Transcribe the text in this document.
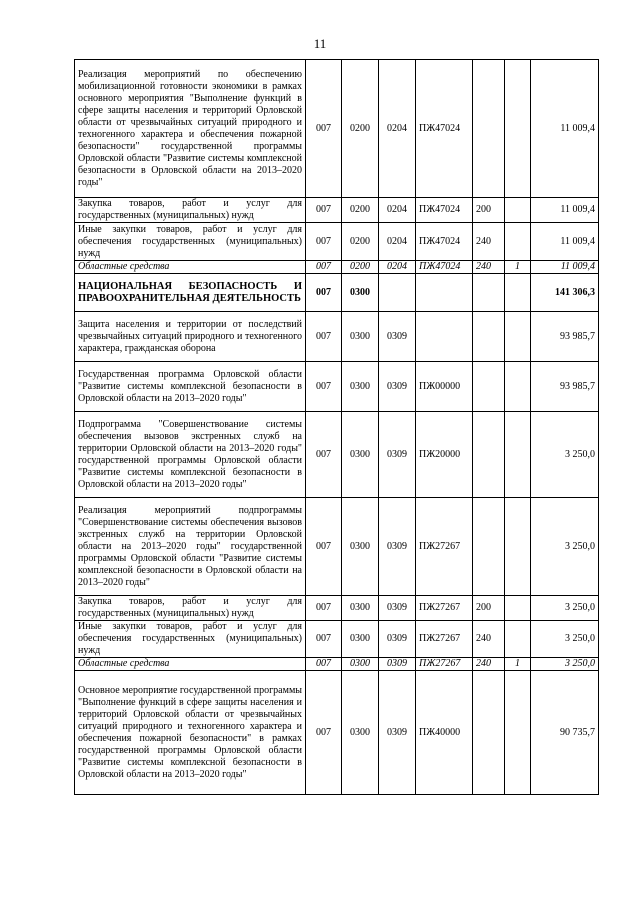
11
Реализация мероприятий по обеспечению мобилизационной готовности экономики в рамках основного мероприятия "Выполнение функций в сфере защиты населения и территорий Орловской области от чрезвычайных ситуаций природного и техногенного характера и обеспечения пожарной безопасности" государственной программы Орловской области "Развитие системы комплексной безопасности в Орловской области на 2013–2020 годы"	007	0200	0204	ПЖ47024			11 009,4
Закупка товаров, работ и услуг для государственных (муниципальных) нужд	007	0200	0204	ПЖ47024	200		11 009,4
Иные закупки товаров, работ и услуг для обеспечения государственных (муниципальных) нужд	007	0200	0204	ПЖ47024	240		11 009,4
Областные средства	007	0200	0204	ПЖ47024	240	1	11 009,4
НАЦИОНАЛЬНАЯ БЕЗОПАСНОСТЬ И ПРАВООХРАНИТЕЛЬНАЯ ДЕЯТЕЛЬНОСТЬ	007	0300					141 306,3
Защита населения и территории от последствий чрезвычайных ситуаций природного и техногенного характера, гражданская оборона	007	0300	0309				93 985,7
Государственная программа Орловской области "Развитие системы комплексной безопасности в Орловской области на 2013–2020 годы"	007	0300	0309	ПЖ00000			93 985,7
Подпрограмма "Совершенствование системы обеспечения вызовов экстренных служб на территории Орловской области на 2013–2020 годы" государственной программы Орловской области "Развитие системы комплексной безопасности в Орловской области на 2013–2020 годы"	007	0300	0309	ПЖ20000			3 250,0
Реализация мероприятий подпрограммы "Совершенствование системы обеспечения вызовов экстренных служб на территории Орловской области на 2013–2020 годы" государственной программы Орловской области "Развитие системы комплексной безопасности в Орловской области на 2013–2020 годы"	007	0300	0309	ПЖ27267			3 250,0
Закупка товаров, работ и услуг для государственных (муниципальных) нужд	007	0300	0309	ПЖ27267	200		3 250,0
Иные закупки товаров, работ и услуг для обеспечения государственных (муниципальных) нужд	007	0300	0309	ПЖ27267	240		3 250,0
Областные средства	007	0300	0309	ПЖ27267	240	1	3 250,0
Основное мероприятие государственной программы "Выполнение функций в сфере защиты населения и территорий Орловской области от чрезвычайных ситуаций природного и техногенного характера и обеспечения пожарной безопасности" в рамках государственной программы Орловской области "Развитие системы комплексной безопасности в Орловской области на 2013–2020 годы"	007	0300	0309	ПЖ40000			90 735,7
